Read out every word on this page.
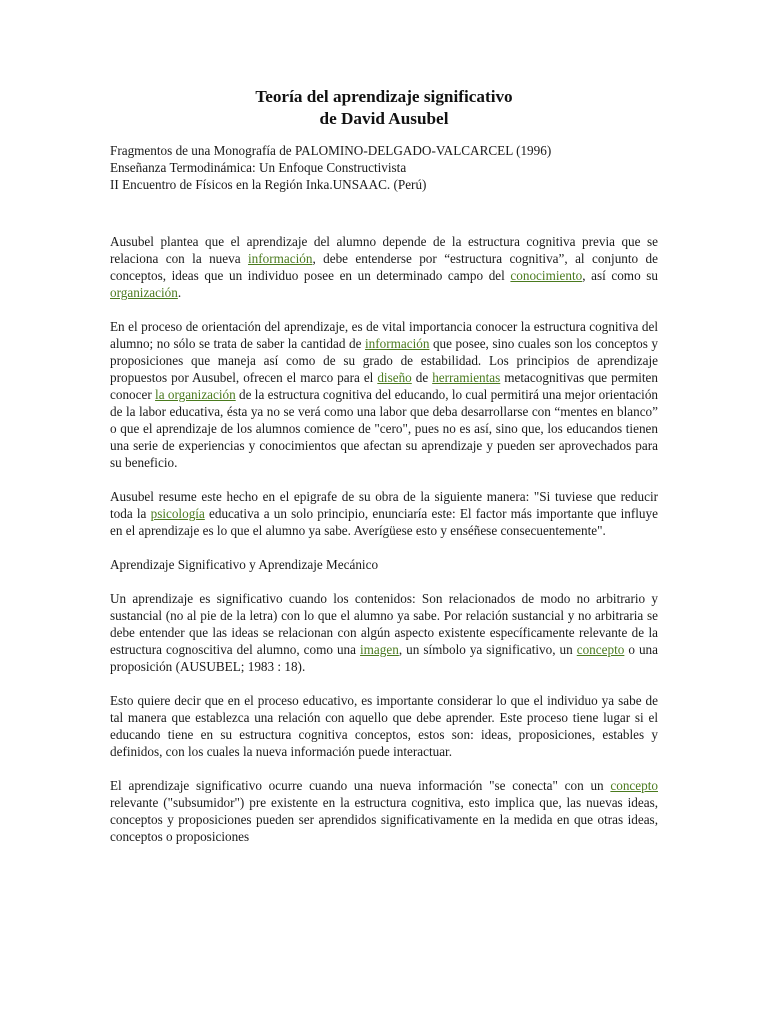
Teoría del aprendizaje significativo
de David Ausubel
Fragmentos de una Monografía de PALOMINO-DELGADO-VALCARCEL (1996)
Enseñanza Termodinámica: Un Enfoque Constructivista
II Encuentro de Físicos en la Región Inka.UNSAAC. (Perú)

Ausubel plantea que el aprendizaje del alumno depende de la estructura cognitiva previa que se relaciona con la nueva información, debe entenderse por “estructura cognitiva”, al conjunto de conceptos, ideas que un individuo posee en un determinado campo del conocimiento, así como su organización.

En el proceso de orientación del aprendizaje, es de vital importancia conocer la estructura cognitiva del alumno; no sólo se trata de saber la cantidad de información que posee, sino cuales son los conceptos y proposiciones que maneja así como de su grado de estabilidad. Los principios de aprendizaje propuestos por Ausubel, ofrecen el marco para el diseño de herramientas metacognitivas que permiten conocer la organización de la estructura cognitiva del educando, lo cual permitirá una mejor orientación de la labor educativa, ésta ya no se verá como una labor que deba desarrollarse con “mentes en blanco” o que el aprendizaje de los alumnos comience de "cero", pues no es así, sino que, los educandos tienen una serie de experiencias y conocimientos que afectan su aprendizaje y pueden ser aprovechados para su beneficio.

Ausubel resume este hecho en el epigrafe de su obra de la siguiente manera: "Si tuviese que reducir toda la psicología educativa a un solo principio, enunciaría este: El factor más importante que influye en el aprendizaje es lo que el alumno ya sabe. Averígüese esto y enséñese consecuentemente".

Aprendizaje Significativo y Aprendizaje Mecánico

Un aprendizaje es significativo cuando los contenidos: Son relacionados de modo no arbitrario y sustancial (no al pie de la letra) con lo que el alumno ya sabe. Por relación sustancial y no arbitraria se debe entender que las ideas se relacionan con algún aspecto existente específicamente relevante de la estructura cognoscitiva del alumno, como una imagen, un símbolo ya significativo, un concepto o una proposición (AUSUBEL; 1983 : 18).

Esto quiere decir que en el proceso educativo, es importante considerar lo que el individuo ya sabe de tal manera que establezca una relación con aquello que debe aprender. Este proceso tiene lugar si el educando tiene en su estructura cognitiva conceptos, estos son: ideas, proposiciones, estables y definidos, con los cuales la nueva información puede interactuar.

El aprendizaje significativo ocurre cuando una nueva información "se conecta" con un concepto relevante ("subsumidor") pre existente en la estructura cognitiva, esto implica que, las nuevas ideas, conceptos y proposiciones pueden ser aprendidos significativamente en la medida en que otras ideas, conceptos o proposiciones
